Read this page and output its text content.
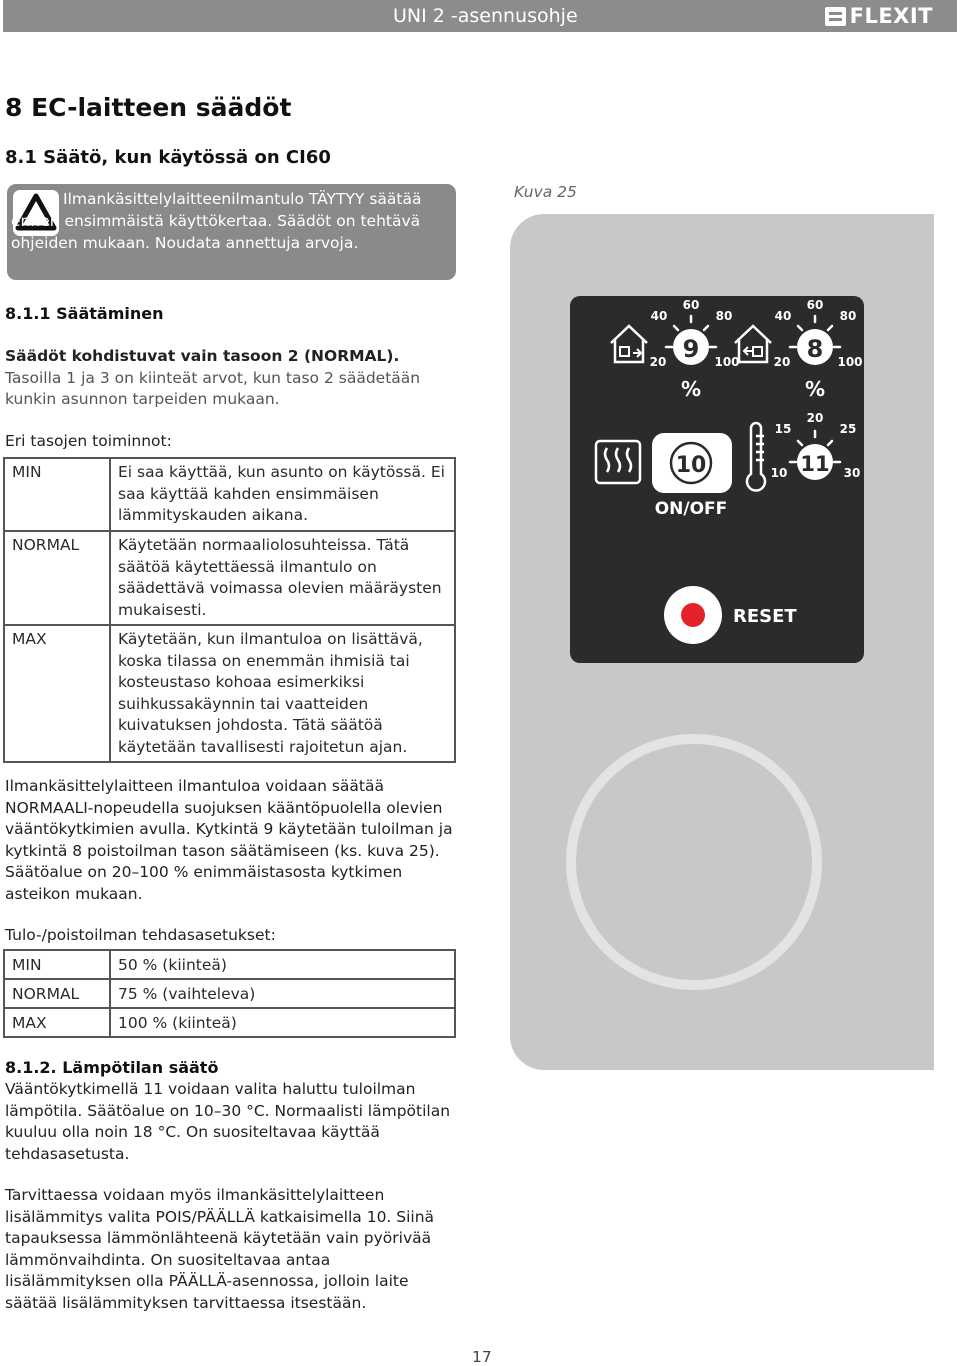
UNI 2 -asennusohje	FLEXIT
8 EC-laitteen säädöt
8.1 Säätö, kun käytössä on CI60
Ilmankäsittelylaitteenilmantulo TÄYTYY säätää ennen ensimmäistä käyttökertaa. Säädöt on tehtävä ohjeiden mukaan. Noudata annettuja arvoja.
8.1.1 Säätäminen
Säädöt kohdistuvat vain tasoon 2 (NORMAL). Tasoilla 1 ja 3 on kiinteät arvot, kun taso 2 säädetään kunkin asunnon tarpeiden mukaan.
Eri tasojen toiminnot:
MIN	Ei saa käyttää, kun asunto on käytössä. Ei saa käyttää kahden ensimmäisen lämmityskauden aikana.
NORMAL	Käytetään normaaliolosuhteissa. Tätä säätöä käytettäessä ilmantulo on säädettävä voimassa olevien määräysten mukaisesti.
MAX	Käytetään, kun ilmantuloa on lisättävä, koska tilassa on enemmän ihmisiä tai kosteustaso kohoaa esimerkiksi suihkussakäynnin tai vaatteiden kuivatuksen johdosta. Tätä säätöä käytetään tavallisesti rajoitetun ajan.
Ilmankäsittelylaitteen ilmantuloa voidaan säätää NORMAALI-nopeudella suojuksen kääntöpuolella olevien vääntökytkimien avulla. Kytkintä 9 käytetään tuloilman ja kytkintä 8 poistoilman tason säätämiseen (ks. kuva 25). Säätöalue on 20–100 % enimmäistasosta kytkimen asteikon mukaan.
Tulo-/poistoilman tehdasasetukset:
MIN	50 % (kiinteä)
NORMAL	75 % (vaihteleva)
MAX	100 % (kiinteä)
8.1.2. Lämpötilan säätö
Vääntökytkimellä 11 voidaan valita haluttu tuloilman lämpötila. Säätöalue on 10–30 °C. Normaalisti lämpötilan kuuluu olla noin 18 °C. On suositeltavaa käyttää tehdasasetusta.
Tarvittaessa voidaan myös ilmankäsittelylaitteen lisälämmitys valita POIS/PÄÄLLÄ katkaisimella 10. Siinä tapauksessa lämmönlähteenä käytetään vain pyörivää lämmönvaihdinta. On suositeltavaa antaa lisälämmityksen olla PÄÄLLÄ-asennossa, jolloin laite säätää lisälämmityksen tarvittaessa itsestään.
Kuva 25
9
%
20
40
60
80
100	8
%
20
40
60
80
100
10
ON/OFF
11
10
15
20
25
30
RESET
17
